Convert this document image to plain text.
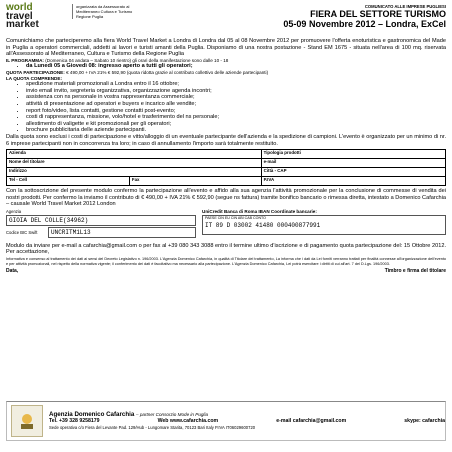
world
travel
market
organizzata da Assessorato al Mediterraneo Cultura e Turismo Regione Puglia
COMUNICATO ALLE IMPRESE PUGLIESI
FIERA DEL SETTORE TURISMO
05-09 Novembre 2012 – Londra, ExCel
Comunichiamo che parteciperemo alla fiera World Travel Market a Londra di Londra dal 05 al 08 Novembre 2012 per promuovere l'offerta enoturistica e gastronomica del Made in Puglia a operatori commerciali, addetti ai lavori e turisti amanti della Puglia. Disponiamo di una nostra postazione - Stand EM 1675 - situata nell'area di 100 mq. riservata all'Assessorato al Mediterraneo, Cultura e Turismo della Regione Puglia
IL PROGRAMMA: (Domenica 04 andata – Sabato 10 rientro) gli orari della manifestazione sono dalle 10 - 18
• da Lunedì 05 a Giovedì 08: ingresso aperto a tutti gli operatori;
QUOTA PARTECIPAZIONE: € 490,00 + IVA 21% € 592,90 (quota ridotta grazie al contributo collettivo delle aziende partecipanti)
LA QUOTA COMPRENDE:
• spedizione materiali promozionali a Londra entro il 16 ottobre;
• invio email invito, segreteria organizzativa, organizzazione agenda incontri;
• assistenza con ns personale in vostra rappresentanza commerciale;
• attività di presentazione ad operatori e buyers e incarico alle vendite;
• report foto/video, lista contatti, gestione contatti post-evento;
• costi di rappresentanza, missione, volo/hotel e trasferimento del ns personale;
• allestimento di valigette e kit promozionali per gli operatori;
• brochure pubblicitaria delle aziende partecipanti.
Dalla quota sono esclusi i costi di partecipazione e vitto/alloggio di un eventuale partecipante dell'azienda e la spedizione di campioni. L'evento è organizzato per un minimo di nr. 6 imprese partecipanti non in concorrenza tra loro; in caso di annullamento l'importo sarà totalmente restituito.
Azienda		Tipologia prodotti
Nome del titolare		e-mail
Indirizzo		Città - CAP
Tel - Cell	Fax	P.IVA
Con la sottoscrizione del presente modulo confermo la partecipazione all'evento e affido alla sua agenzia l'attività promozionale per la conclusione di commesse di vendita dei nostri prodotti. Per confermo la inviamo il contributo di € 490,00 + IVA 21% € 592,90 (segue ns fattura) tramite bonifico bancario o rimessa diretta, intestato a Domenico Cafarchia – causale World Travel Market 2012 London
Agenzia
GIOIA DEL COLLE(34962)
Codice BIC Swift	UNCRITM1L13
UniCredit Banca di Roma IBAN Coordinate bancarie:
PAESE CIN EU CIN ABI CAB CONTO
IT 89 D 03002 41480 000400877991
Modulo da inviare per e-mail a cafarchia@gmail.com o per fax al +39 080 343 3088 entro il termine ultimo d'iscrizione e di pagamento quota partecipazione del: 15 Ottobre 2012. Per accettazione,
Informativa e consenso al trattamento dei dati ai sensi del Decreto Legislativo n. 196/2003. L'Agenzia Domenico Cafarchia, in qualità di Titolare del trattamento, La informa che i dati da Lei forniti verranno trattati per finalità connesse all'organizzazione dell'evento e per attività promozionali, nel rispetto della normativa vigente; il conferimento dei dati è facoltativo ma necessario alla partecipazione. L'Agenzia Domenico Cafarchia, Lei potrà esercitare i diritti di cui all'art. 7 del D.Lgs. 196/2003.
Data,	Timbro e firma del titolare
Agenzia Domenico Cafarchia – partner Consorzio Mode in Puglia
Tel. +39 328 9258179	Web www.cafarchia.com	e-mail cafarchia@gmail.com	skype: cafarchia
Sede operativa c/o Fiera del Levante Pad. 129/Hub - Lungomare Starita, 70123 Bari Italy P.IVA IT06029600720
